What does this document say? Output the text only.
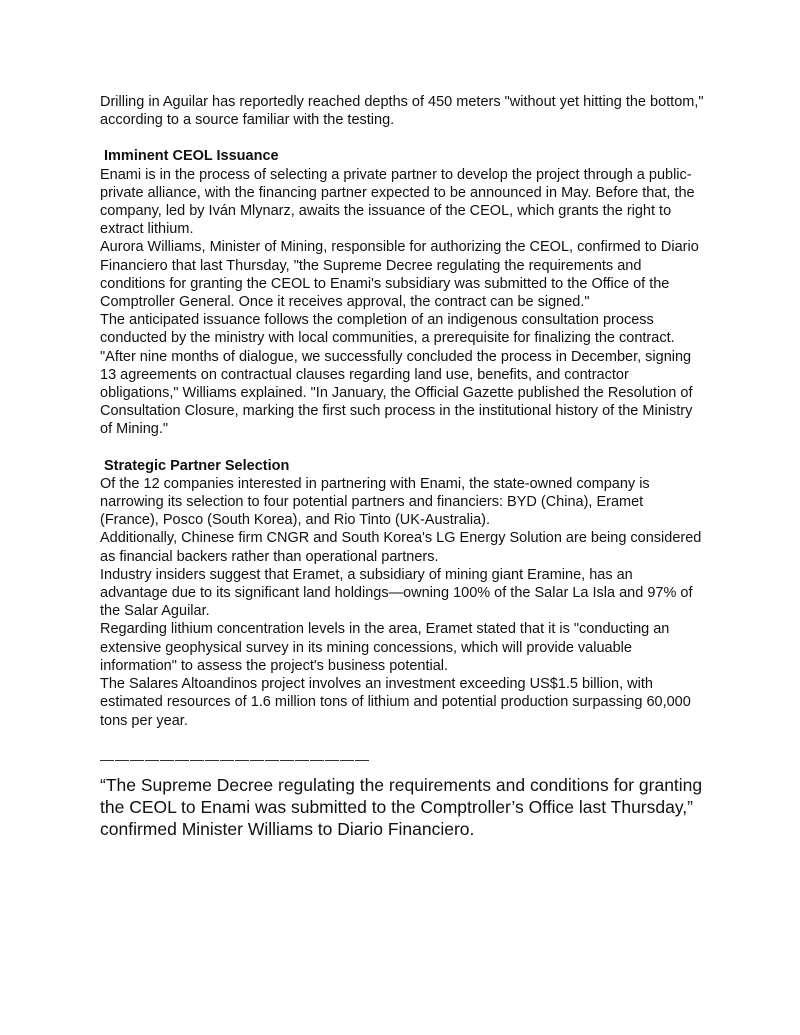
Drilling in Aguilar has reportedly reached depths of 450 meters "without yet hitting the bottom," according to a source familiar with the testing.

Imminent CEOL Issuance

Enami is in the process of selecting a private partner to develop the project through a public-private alliance, with the financing partner expected to be announced in May. Before that, the company, led by Iván Mlynarz, awaits the issuance of the CEOL, which grants the right to extract lithium.

Aurora Williams, Minister of Mining, responsible for authorizing the CEOL, confirmed to Diario Financiero that last Thursday, "the Supreme Decree regulating the requirements and conditions for granting the CEOL to Enami's subsidiary was submitted to the Office of the Comptroller General. Once it receives approval, the contract can be signed."

The anticipated issuance follows the completion of an indigenous consultation process conducted by the ministry with local communities, a prerequisite for finalizing the contract.

"After nine months of dialogue, we successfully concluded the process in December, signing 13 agreements on contractual clauses regarding land use, benefits, and contractor obligations," Williams explained. "In January, the Official Gazette published the Resolution of Consultation Closure, marking the first such process in the institutional history of the Ministry of Mining."

Strategic Partner Selection

Of the 12 companies interested in partnering with Enami, the state-owned company is narrowing its selection to four potential partners and financiers: BYD (China), Eramet (France), Posco (South Korea), and Rio Tinto (UK-Australia).

Additionally, Chinese firm CNGR and South Korea's LG Energy Solution are being considered as financial backers rather than operational partners.

Industry insiders suggest that Eramet, a subsidiary of mining giant Eramine, has an advantage due to its significant land holdings—owning 100% of the Salar La Isla and 97% of the Salar Aguilar.

Regarding lithium concentration levels in the area, Eramet stated that it is "conducting an extensive geophysical survey in its mining concessions, which will provide valuable information" to assess the project's business potential.

The Salares Altoandinos project involves an investment exceeding US$1.5 billion, with estimated resources of 1.6 million tons of lithium and potential production surpassing 60,000 tons per year.

——————————————————

“The Supreme Decree regulating the requirements and conditions for granting the CEOL to Enami was submitted to the Comptroller’s Office last Thursday,” confirmed Minister Williams to Diario Financiero.
